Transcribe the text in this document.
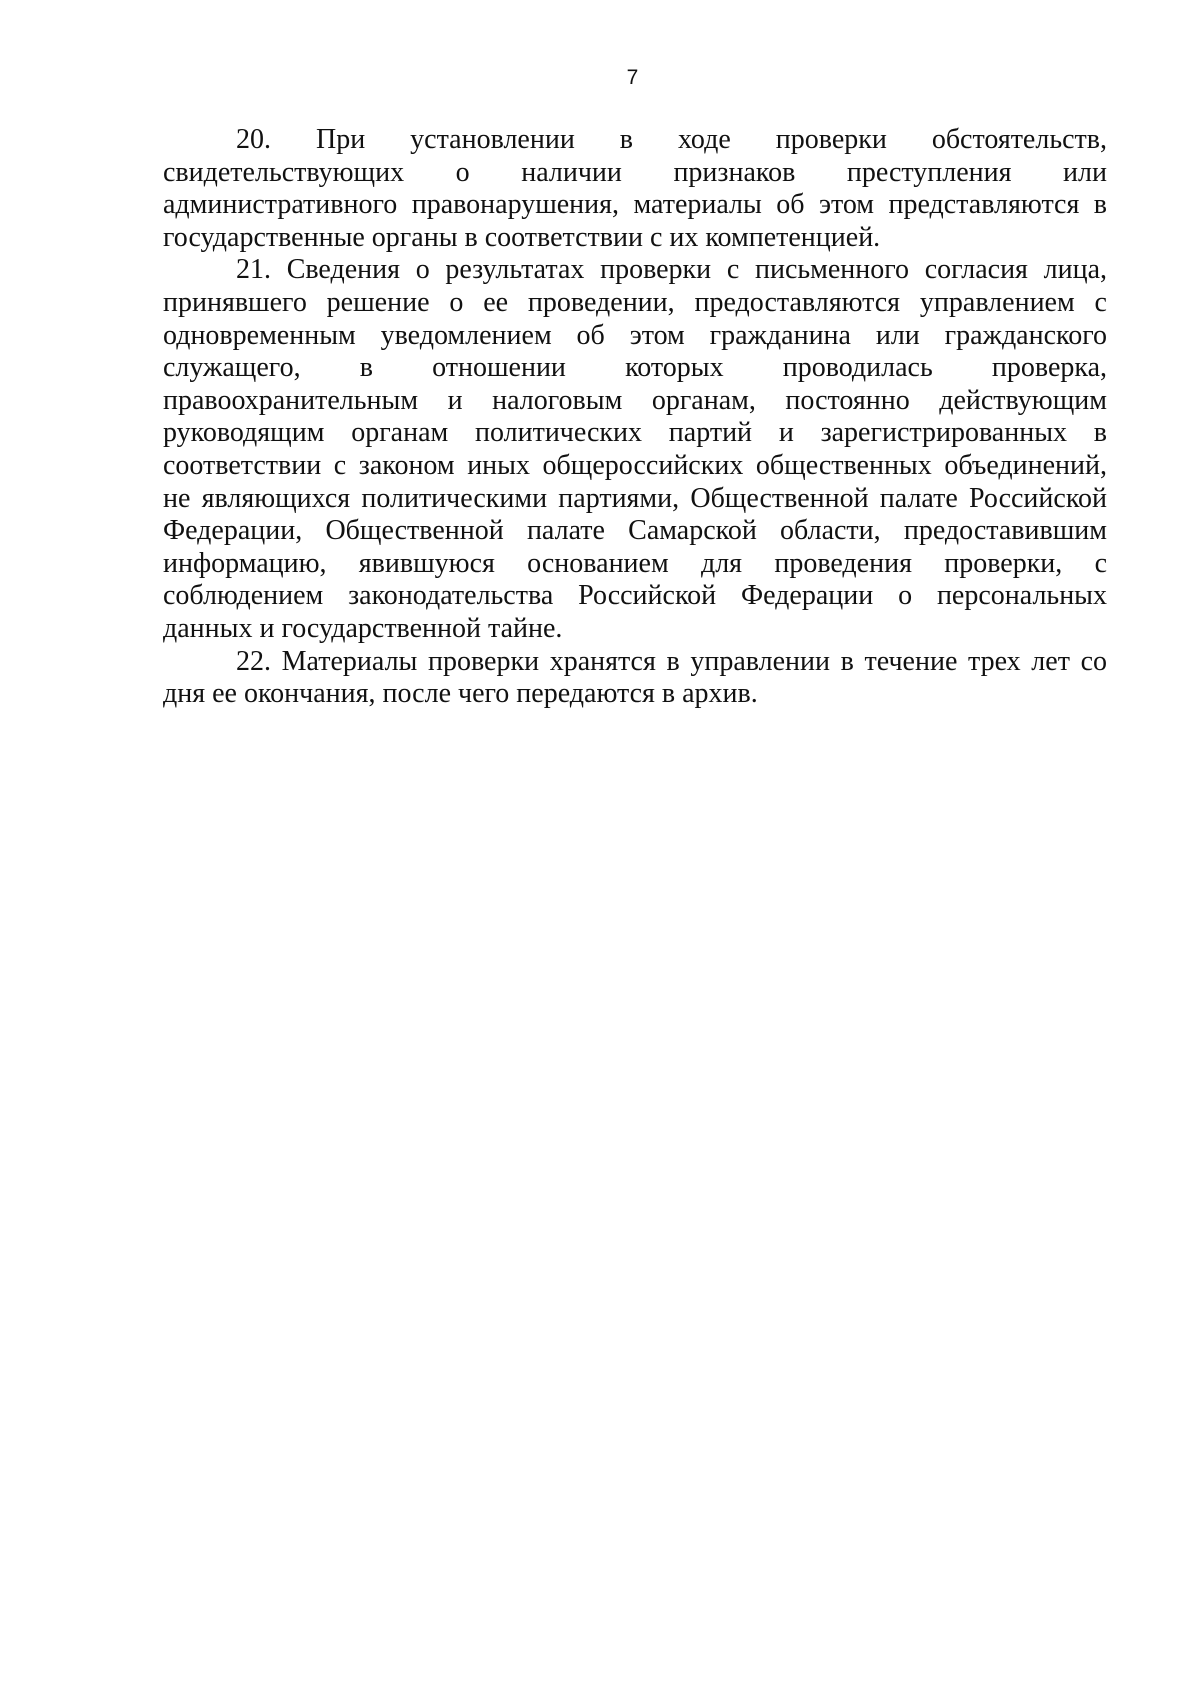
7

20. При установлении в ходе проверки обстоятельств, свидетельствующих о наличии признаков преступления или административного правонарушения, материалы об этом представляются в государственные органы в соответствии с их компетенцией.

21. Сведения о результатах проверки с письменного согласия лица, принявшего решение о ее проведении, предоставляются управлением с одновременным уведомлением об этом гражданина или гражданского служащего, в отношении которых проводилась проверка, правоохранительным и налоговым органам, постоянно действующим руководящим органам политических партий и зарегистрированных в соответствии с законом иных общероссийских общественных объединений, не являющихся политическими партиями, Общественной палате Российской Федерации, Общественной палате Самарской области, предоставившим информацию, явившуюся основанием для проведения проверки, с соблюдением законодательства Российской Федерации о персональных данных и государственной тайне.

22. Материалы проверки хранятся в управлении в течение трех лет со дня ее окончания, после чего передаются в архив.
